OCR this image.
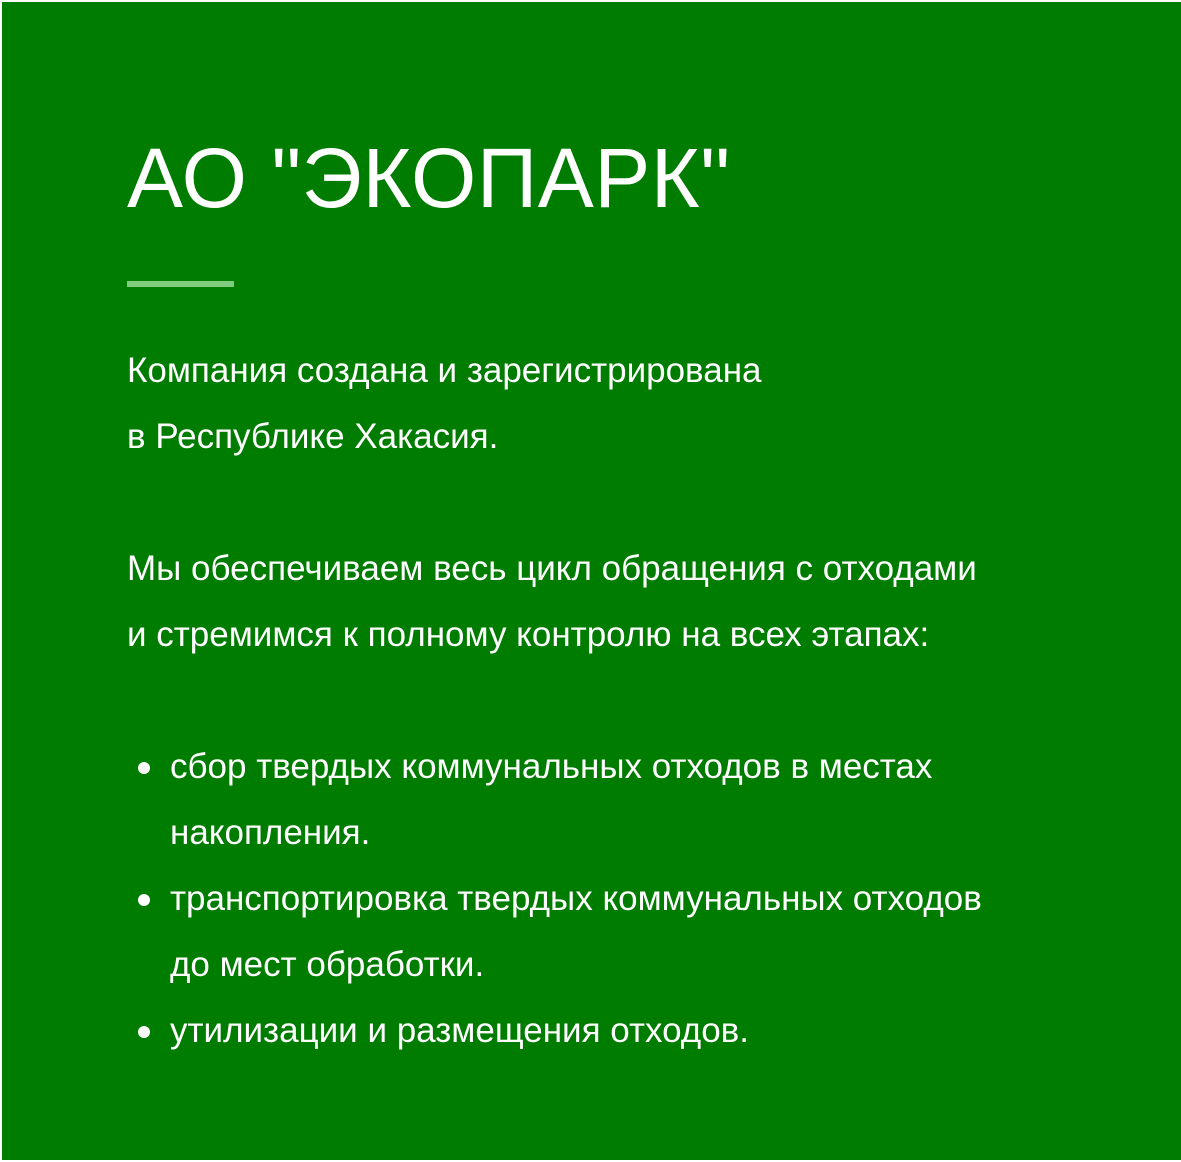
АО "ЭКОПАРК"

Компания создана и зарегистрирована
в Республике Хакасия.

Мы обеспечиваем весь цикл обращения с отходами
и стремимся к полному контролю на всех этапах:

сбор твердых коммунальных отходов в местах
накопления.
транспортировка твердых коммунальных отходов
до мест обработки.
утилизации и размещения отходов.
